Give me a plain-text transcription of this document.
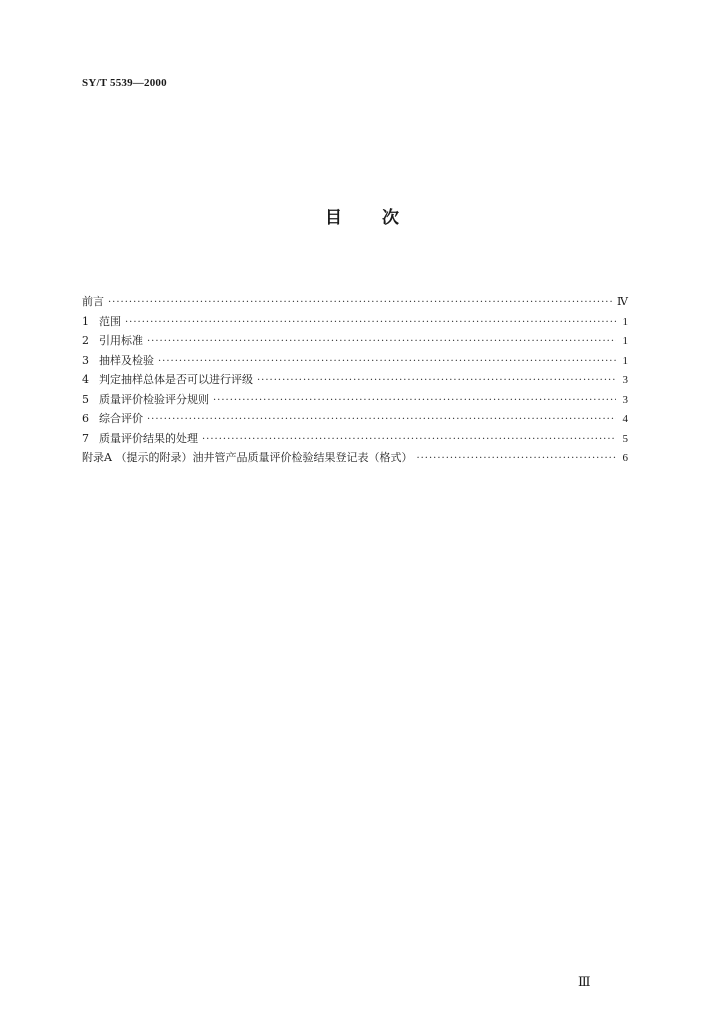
SY/T 5539—2000
目 次
前言 ·····	Ⅳ
1 范围 ·····	1
2 引用标准 ·····	1
3 抽样及检验 ·····	1
4 判定抽样总体是否可以进行评级 ·····	3
5 质量评价检验评分规则 ·····	3
6 综合评价 ·····	4
7 质量评价结果的处理 ·····	5
附录A （提示的附录）油井管产品质量评价检验结果登记表（格式） ·····	6
Ⅲ
